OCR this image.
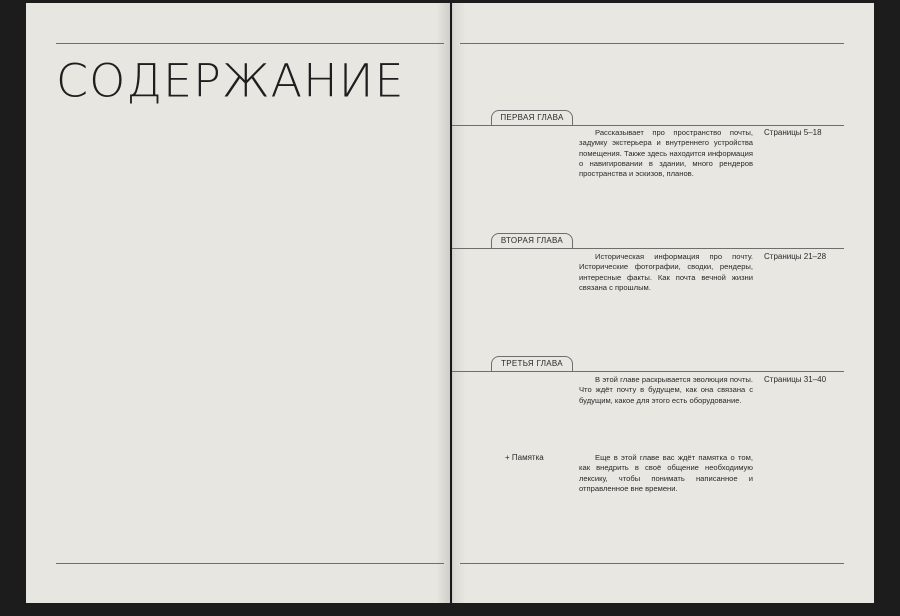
СОДЕРЖАНИЕ
ПЕРВАЯ ГЛАВА
Рассказывает про пространство почты, задумку экстерьера и внутреннего устройства помещения. Также здесь находится информация о навигировании в здании, много рендеров пространства и эскизов, планов.
Страницы 5–18
ВТОРАЯ ГЛАВА
Историческая информация про почту. Исторические фотографии, сводки, рендеры, интересные факты. Как почта вечной жизни связана с прошлым.
Страницы 21–28
ТРЕТЬЯ ГЛАВА
В этой главе раскрывается эволюция почты. Что ждёт почту в будущем, как она связана с будущим, какое для этого есть оборудование.
Страницы 31–40
+ Памятка	Еще в этой главе вас ждёт памятка о том, как внедрить в своё общение необходимую лексику, чтобы понимать написанное и отправленное вне времени.
